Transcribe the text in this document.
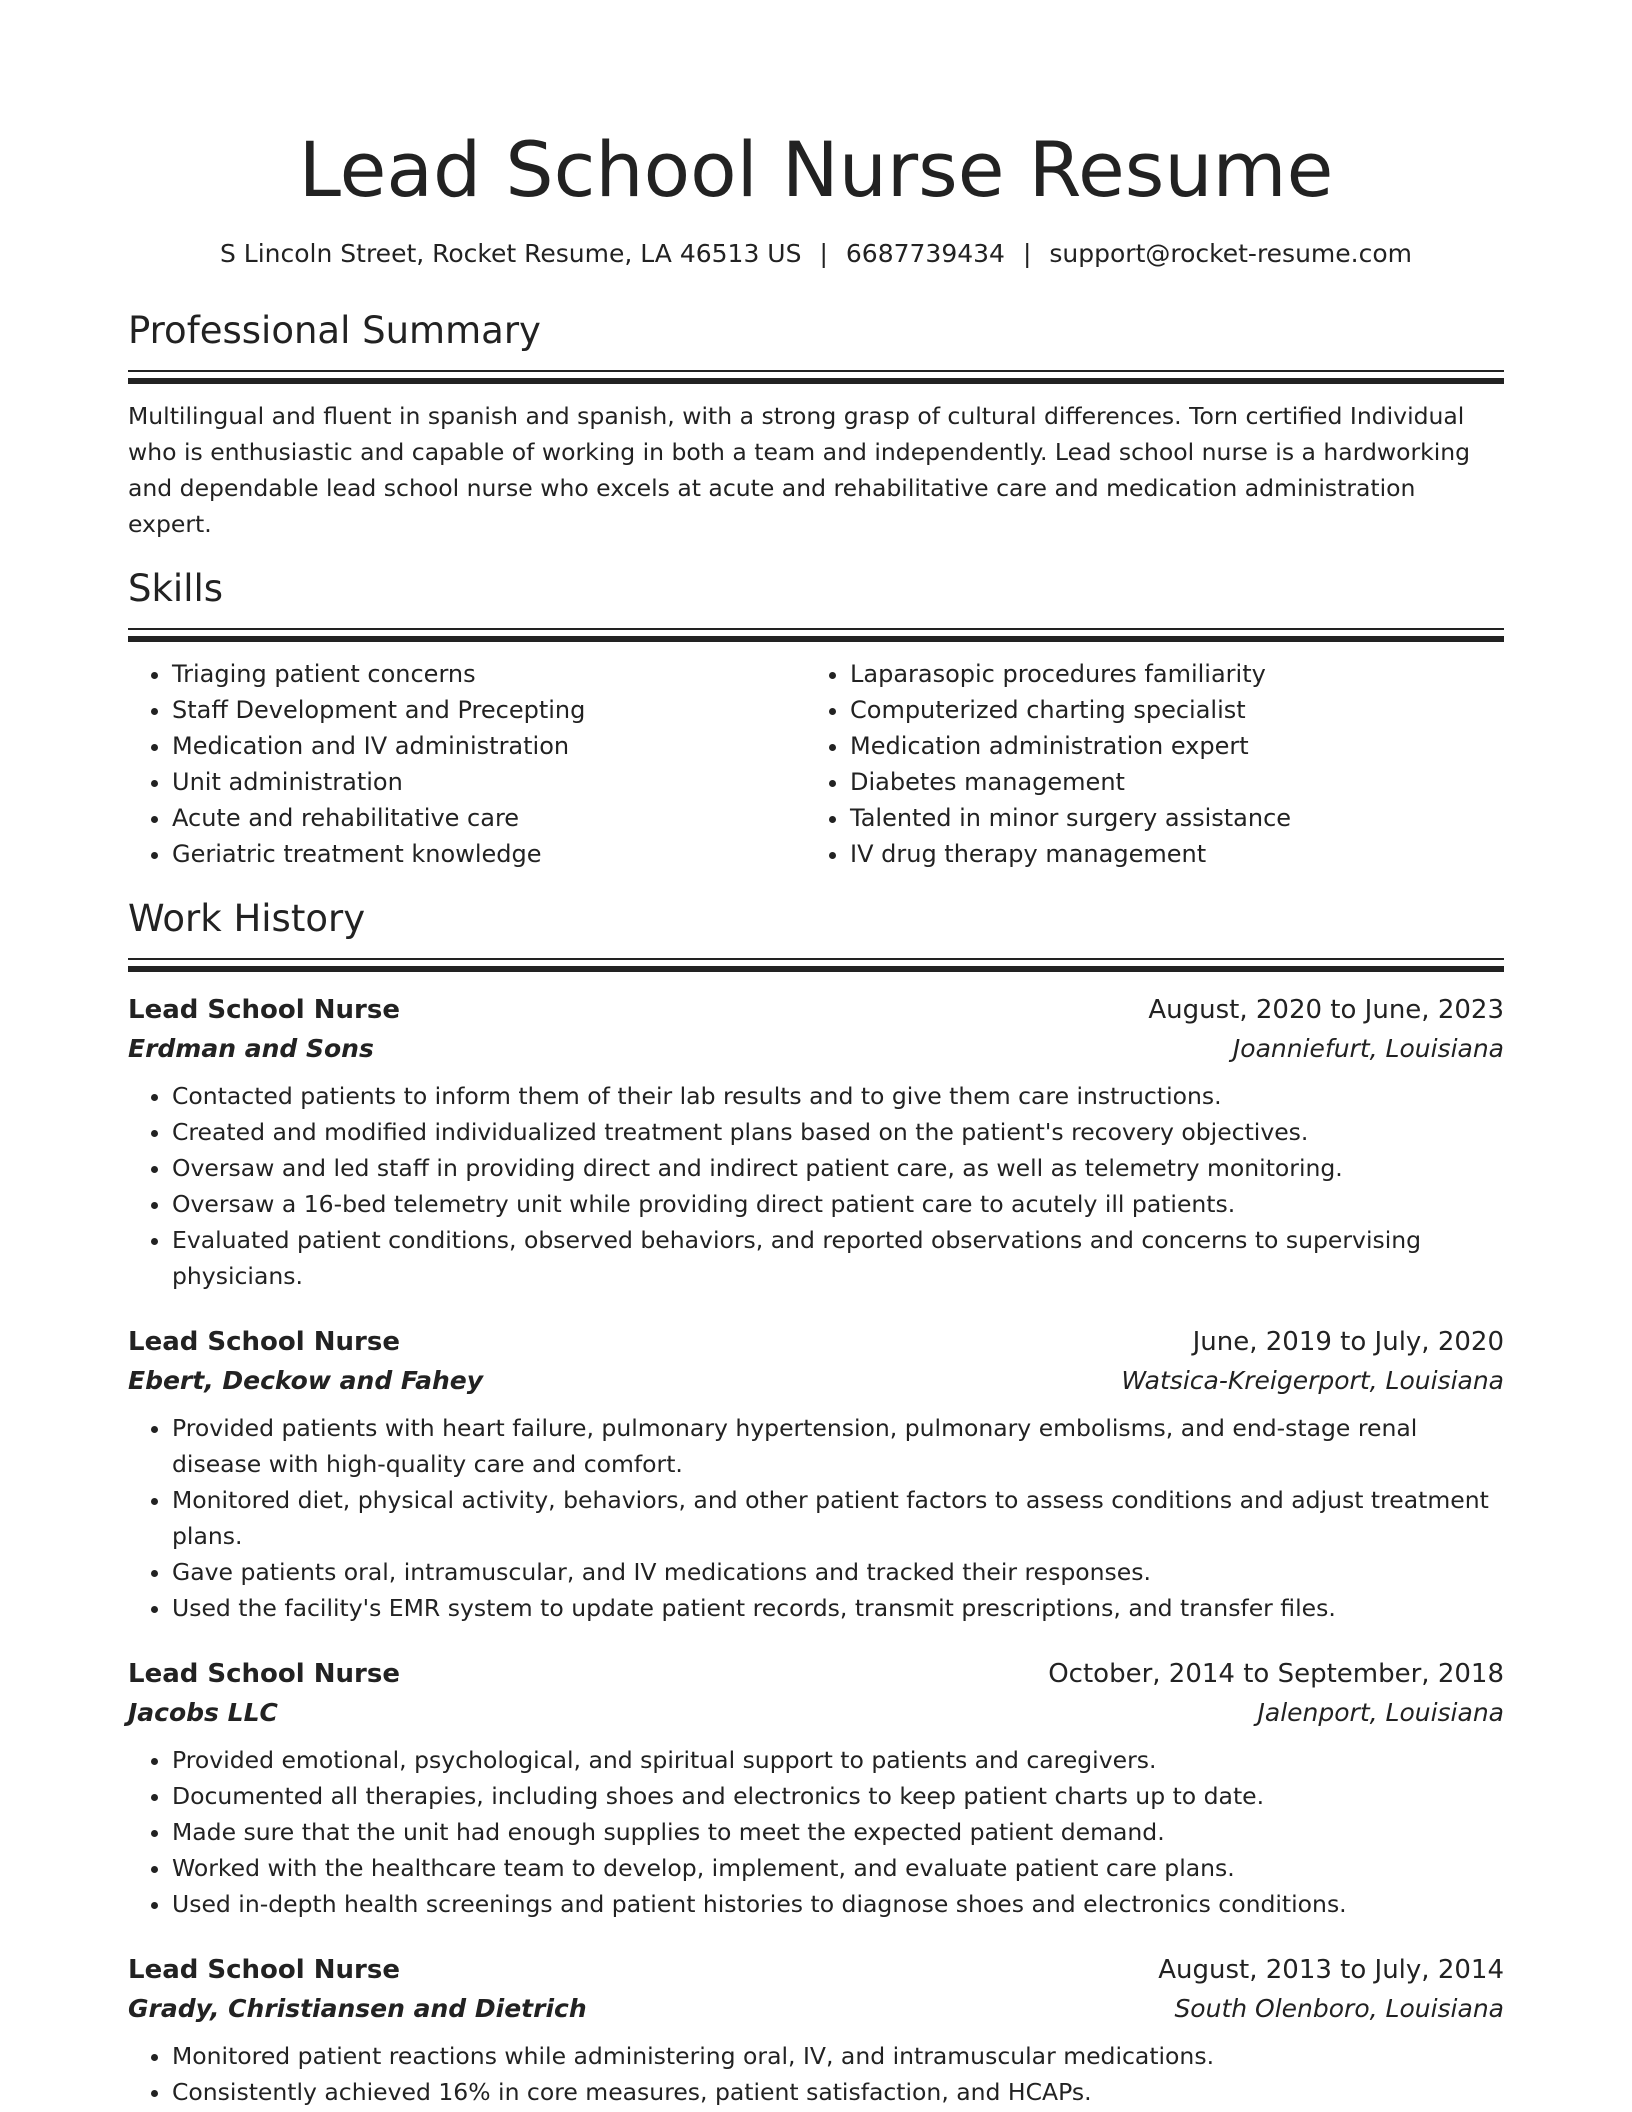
Lead School Nurse Resume
S Lincoln Street, Rocket Resume, LA 46513 US | 6687739434 | support@rocket-resume.com
Professional Summary

Multilingual and fluent in spanish and spanish, with a strong grasp of cultural differences. Torn certified Individual who is enthusiastic and capable of working in both a team and independently. Lead school nurse is a hardworking and dependable lead school nurse who excels at acute and rehabilitative care and medication administration expert.

Skills
• Triaging patient concerns
• Staff Development and Precepting
• Medication and IV administration
• Unit administration
• Acute and rehabilitative care
• Geriatric treatment knowledge
• Laparasopic procedures familiarity
• Computerized charting specialist
• Medication administration expert
• Diabetes management
• Talented in minor surgery assistance
• IV drug therapy management
Work History
Lead School Nurse	August, 2020 to June, 2023
Erdman and Sons	Joanniefurt, Louisiana
• Contacted patients to inform them of their lab results and to give them care instructions.
• Created and modified individualized treatment plans based on the patient's recovery objectives.
• Oversaw and led staff in providing direct and indirect patient care, as well as telemetry monitoring.
• Oversaw a 16-bed telemetry unit while providing direct patient care to acutely ill patients.
• Evaluated patient conditions, observed behaviors, and reported observations and concerns to supervising physicians.
Lead School Nurse	June, 2019 to July, 2020
Ebert, Deckow and Fahey	Watsica-Kreigerport, Louisiana
• Provided patients with heart failure, pulmonary hypertension, pulmonary embolisms, and end-stage renal disease with high-quality care and comfort.
• Monitored diet, physical activity, behaviors, and other patient factors to assess conditions and adjust treatment plans.
• Gave patients oral, intramuscular, and IV medications and tracked their responses.
• Used the facility's EMR system to update patient records, transmit prescriptions, and transfer files.
Lead School Nurse	October, 2014 to September, 2018
Jacobs LLC	Jalenport, Louisiana
• Provided emotional, psychological, and spiritual support to patients and caregivers.
• Documented all therapies, including shoes and electronics to keep patient charts up to date.
• Made sure that the unit had enough supplies to meet the expected patient demand.
• Worked with the healthcare team to develop, implement, and evaluate patient care plans.
• Used in-depth health screenings and patient histories to diagnose shoes and electronics conditions.
Lead School Nurse	August, 2013 to July, 2014
Grady, Christiansen and Dietrich	South Olenboro, Louisiana
• Monitored patient reactions while administering oral, IV, and intramuscular medications.
• Consistently achieved 16% in core measures, patient satisfaction, and HCAPs.
